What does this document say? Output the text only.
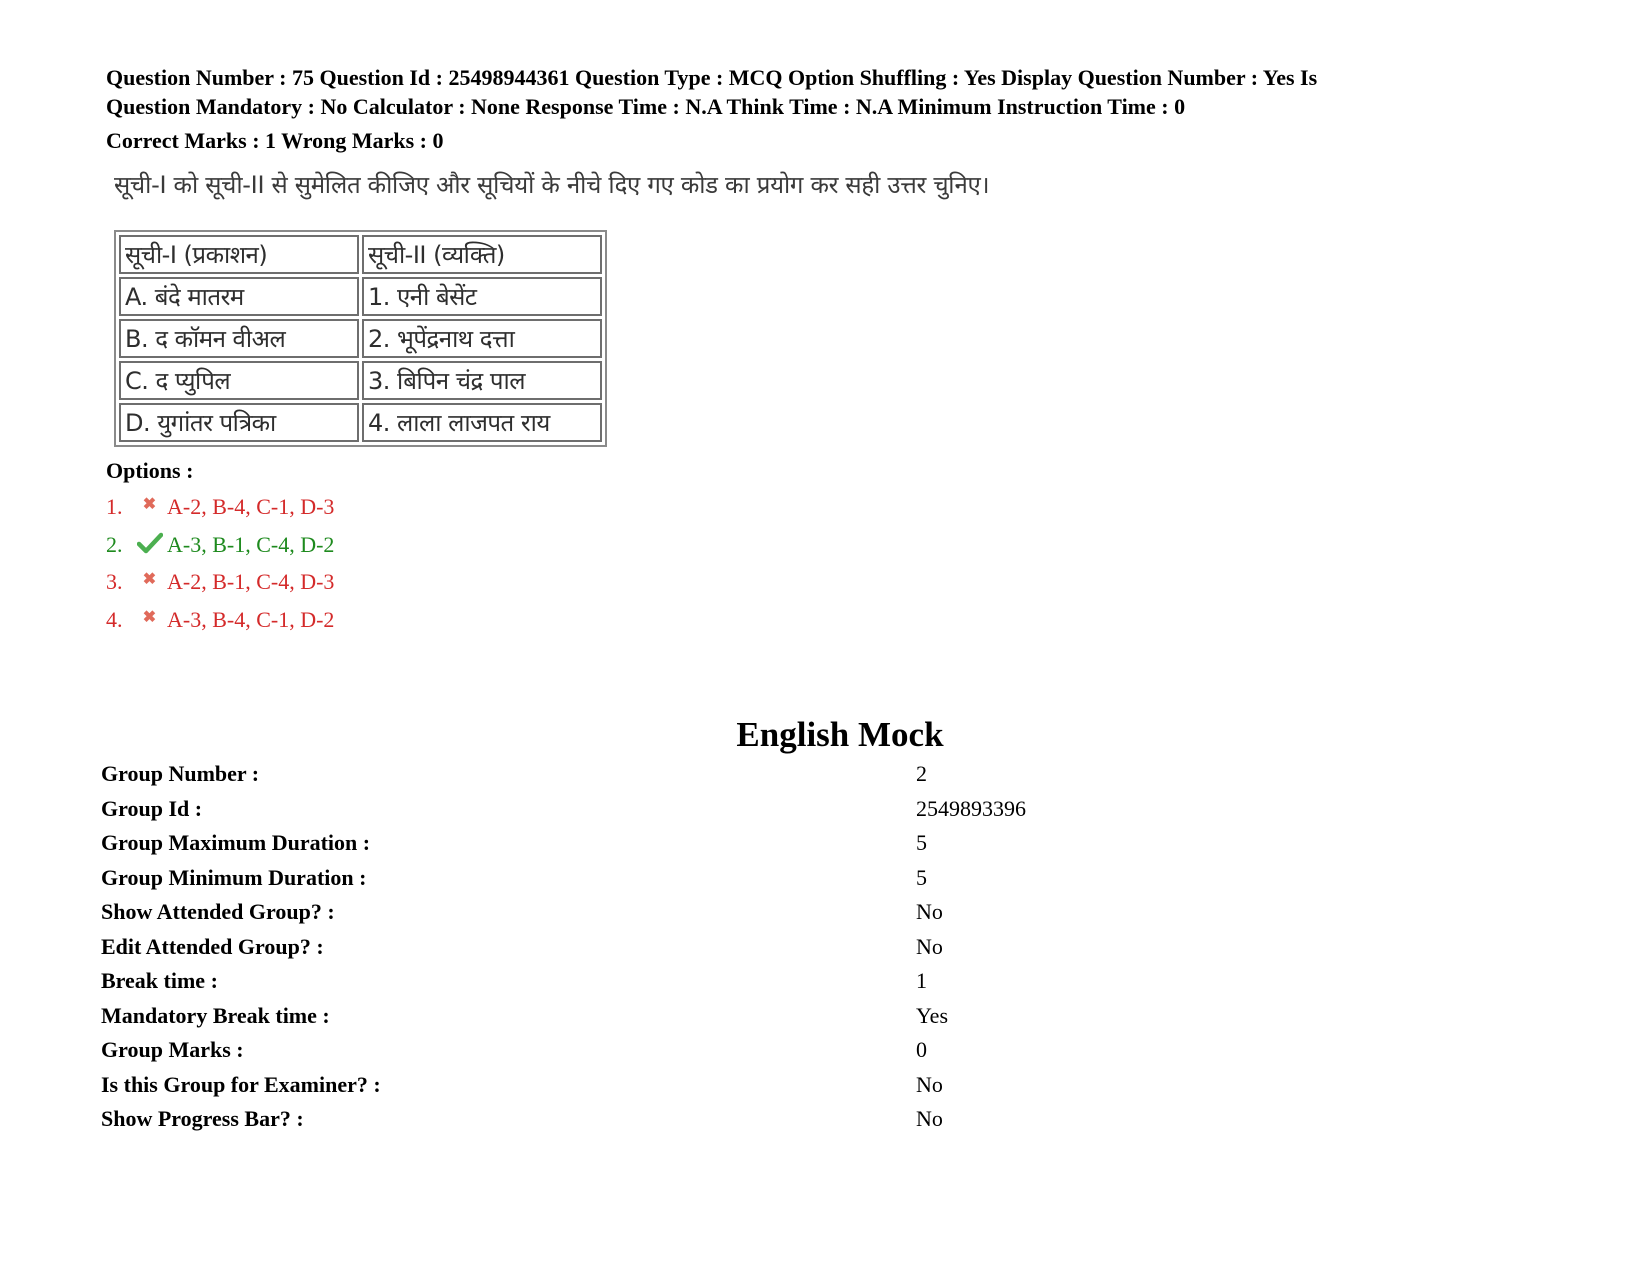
Question Number : 75 Question Id : 25498944361 Question Type : MCQ Option Shuffling : Yes Display Question Number : Yes Is

Question Mandatory : No Calculator : None Response Time : N.A Think Time : N.A Minimum Instruction Time : 0

Correct Marks : 1 Wrong Marks : 0

सूची-I को सूची-II से सुमेलित कीजिए और सूचियों के नीचे दिए गए कोड का प्रयोग कर सही उत्तर चुनिए।
सूची-I (प्रकाशन)	सूची-II (व्यक्ति)
A. बंदे मातरम	1. एनी बेसेंट
B. द कॉमन वीअल	2. भूपेंद्रनाथ दत्ता
C. द प्युपिल	3. बिपिन चंद्र पाल
D. युगांतर पत्रिका	4. लाला लाजपत राय
Options :
1.	✖ A-2, B-4, C-1, D-3
2.	A-3, B-1, C-4, D-2
3.	✖ A-2, B-1, C-4, D-3
4.	✖ A-3, B-4, C-1, D-2
English Mock
Group Number :	2
Group Id :	2549893396
Group Maximum Duration :	5
Group Minimum Duration :	5
Show Attended Group? :	No
Edit Attended Group? :	No
Break time :	1
Mandatory Break time :	Yes
Group Marks :	0
Is this Group for Examiner? :	No
Show Progress Bar? :	No
